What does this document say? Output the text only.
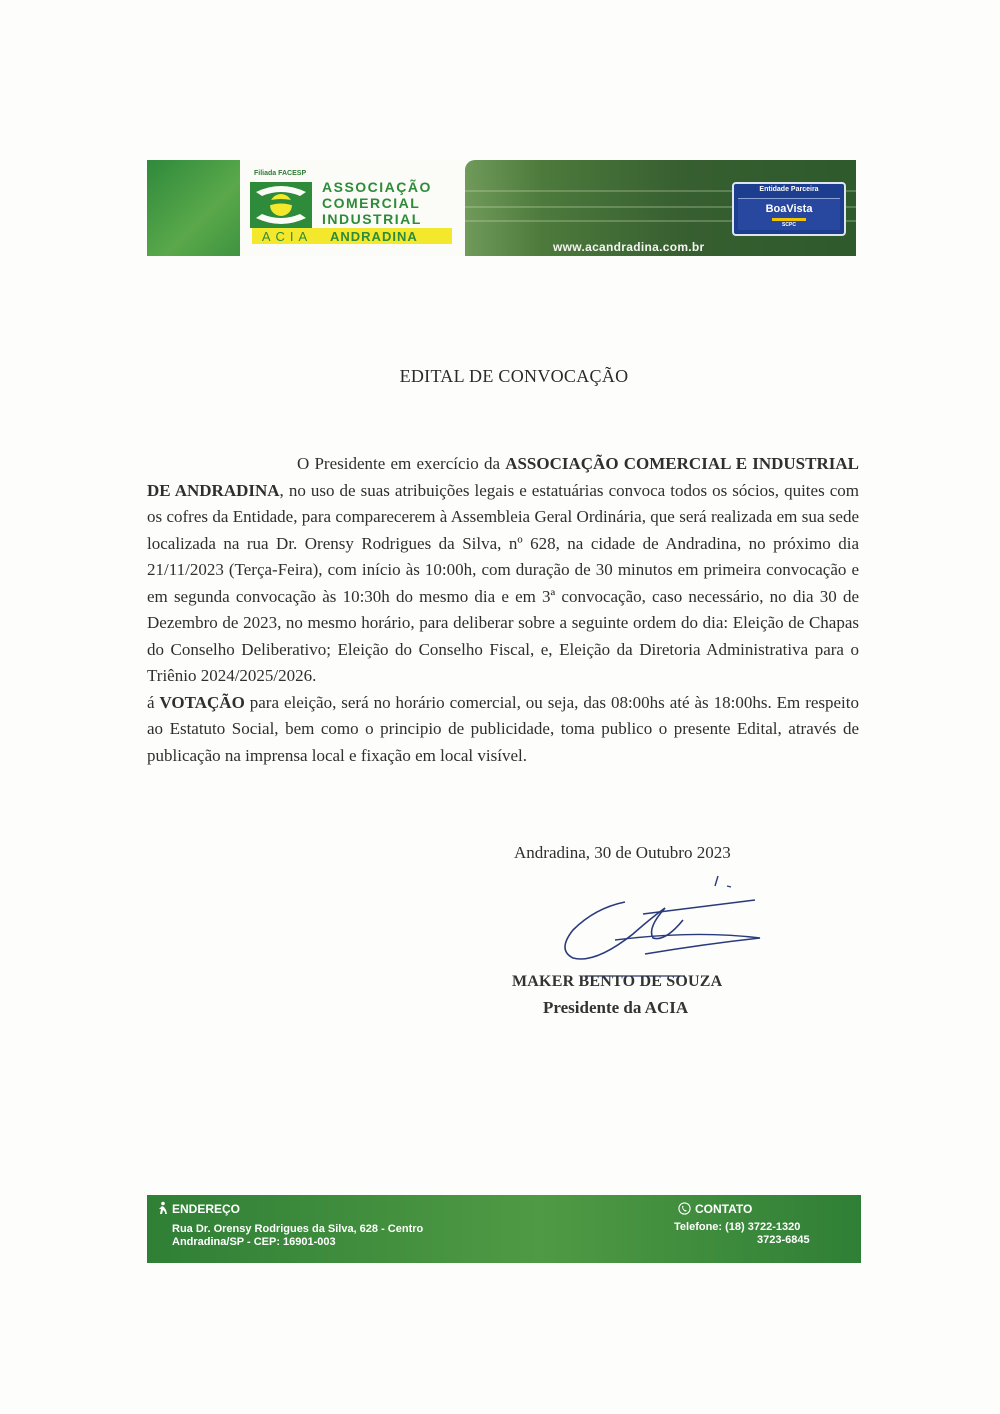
Filiada FACESP
ASSOCIAÇÃO
COMERCIAL
INDUSTRIAL
ACIA	ANDRADINA
Entidade Parceira
BoaVista
SCPC
www.acandradina.com.br
EDITAL DE CONVOCAÇÃO

O Presidente em exercício da ASSOCIAÇÃO COMERCIAL E INDUSTRIAL DE ANDRADINA, no uso de suas atribuições legais e estatuárias convoca todos os sócios, quites com os cofres da Entidade, para comparecerem à Assembleia Geral Ordinária, que será realizada em sua sede localizada na rua Dr. Orensy Rodrigues da Silva, nº 628, na cidade de Andradina, no próximo dia 21/11/2023 (Terça-Feira), com início às 10:00h, com duração de 30 minutos em primeira convocação e em segunda convocação às 10:30h do mesmo dia e em 3ª convocação, caso necessário, no dia 30 de Dezembro de 2023, no mesmo horário, para deliberar sobre a seguinte ordem do dia: Eleição de Chapas do Conselho Deliberativo; Eleição do Conselho Fiscal, e, Eleição da Diretoria Administrativa para o Triênio 2024/2025/2026.

á VOTAÇÃO para eleição, será no horário comercial, ou seja, das 08:00hs até às 18:00hs. Em respeito ao Estatuto Social, bem como o principio de publicidade, toma publico o presente Edital, através de publicação na imprensa local e fixação em local visível.

Andradina, 30 de Outubro 2023
MAKER BENTO DE SOUZA
Presidente da ACIA
ENDEREÇO
Rua Dr. Orensy Rodrigues da Silva, 628 - Centro
Andradina/SP - CEP: 16901-003
CONTATO
Telefone: (18) 3722-1320
3723-6845
